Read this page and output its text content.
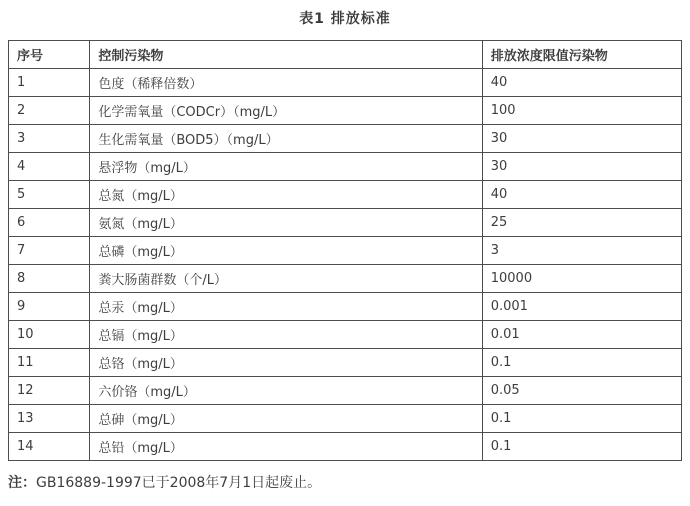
表1 排放标准
序号	控制污染物	排放浓度限值污染物
1	色度（稀释倍数）	40
2	化学需氧量（CODCr）（mg/L）	100
3	生化需氧量（BOD5）（mg/L）	30
4	悬浮物（mg/L）	30
5	总氮（mg/L）	40
6	氨氮（mg/L）	25
7	总磷（mg/L）	3
8	粪大肠菌群数（个/L）	10000
9	总汞（mg/L）	0.001
10	总镉（mg/L）	0.01
11	总铬（mg/L）	0.1
12	六价铬（mg/L）	0.05
13	总砷（mg/L）	0.1
14	总铅（mg/L）	0.1

注：GB16889-1997已于2008年7月1日起废止。
